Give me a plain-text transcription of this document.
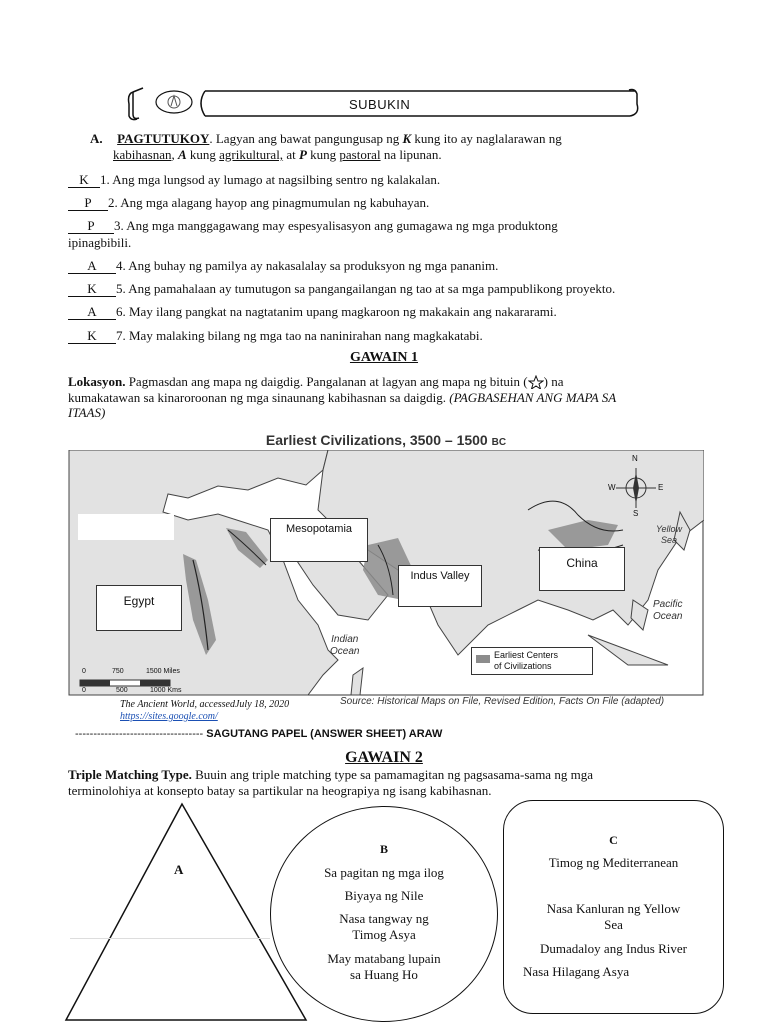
SUBUKIN
A. PAGTUTUKOY. Lagyan ang bawat pangungusap ng K kung ito ay naglalarawan ng
kabihasnan, A kung agrikultural, at P kung pastoral na lipunan.
K 1. Ang mga lungsod ay lumago at nagsilbing sentro ng kalakalan.
P 2. Ang mga alagang hayop ang pinagmumulan ng kabuhayan.
P 3. Ang mga manggagawang may espesyalisasyon ang gumagawa ng mga produktong
ipinagbibili.
A 4. Ang buhay ng pamilya ay nakasalalay sa produksyon ng mga pananim.
K 5. Ang pamahalaan ay tumutugon sa pangangailangan ng tao at sa mga pampublikong proyekto.
A 6. May ilang pangkat na nagtatanim upang magkaroon ng makakain ang nakararami.
K 7. May malaking bilang ng mga tao na naninirahan nang magkakatabi.
GAWAIN 1
Lokasyon. Pagmasdan ang mapa ng daigdig. Pangalanan at lagyan ang mapa ng bituin ( ) na
kumakatawan sa kinaroroonan ng mga sinaunang kabihasnan sa daigdig. (PAGBASEHAN ANG MAPA SA
ITAAS)
Earliest Civilizations, 3500 – 1500 BC
N
S
W	E
0	750	1500 Miles
0	500	1000 Kms
Indian
Ocean
Pacific
Ocean
Yellow
Sea
Earliest Centers
of Civilizations
Mesopotamia
China
Indus Valley
Egypt
Source: Historical Maps on File, Revised Edition, Facts On File (adapted)
The Ancient World, accessedJuly 18, 2020
https://sites.google.com/
----------------------------------- SAGUTANG PAPEL (ANSWER SHEET) ARAW
GAWAIN 2
Triple Matching Type. Buuin ang triple matching type sa pamamagitan ng pagsasama-sama ng mga
terminolohiya at konsepto batay sa partikular na heograpiya ng isang kabihasnan.
A
B
Sa pagitan ng mga ilog
Biyaya ng Nile
Nasa tangway ng
Timog Asya
May matabang lupain
sa Huang Ho
C
Timog ng Mediterranean
Nasa Kanluran ng Yellow
Sea
Dumadaloy ang Indus River
Nasa Hilagang Asya
